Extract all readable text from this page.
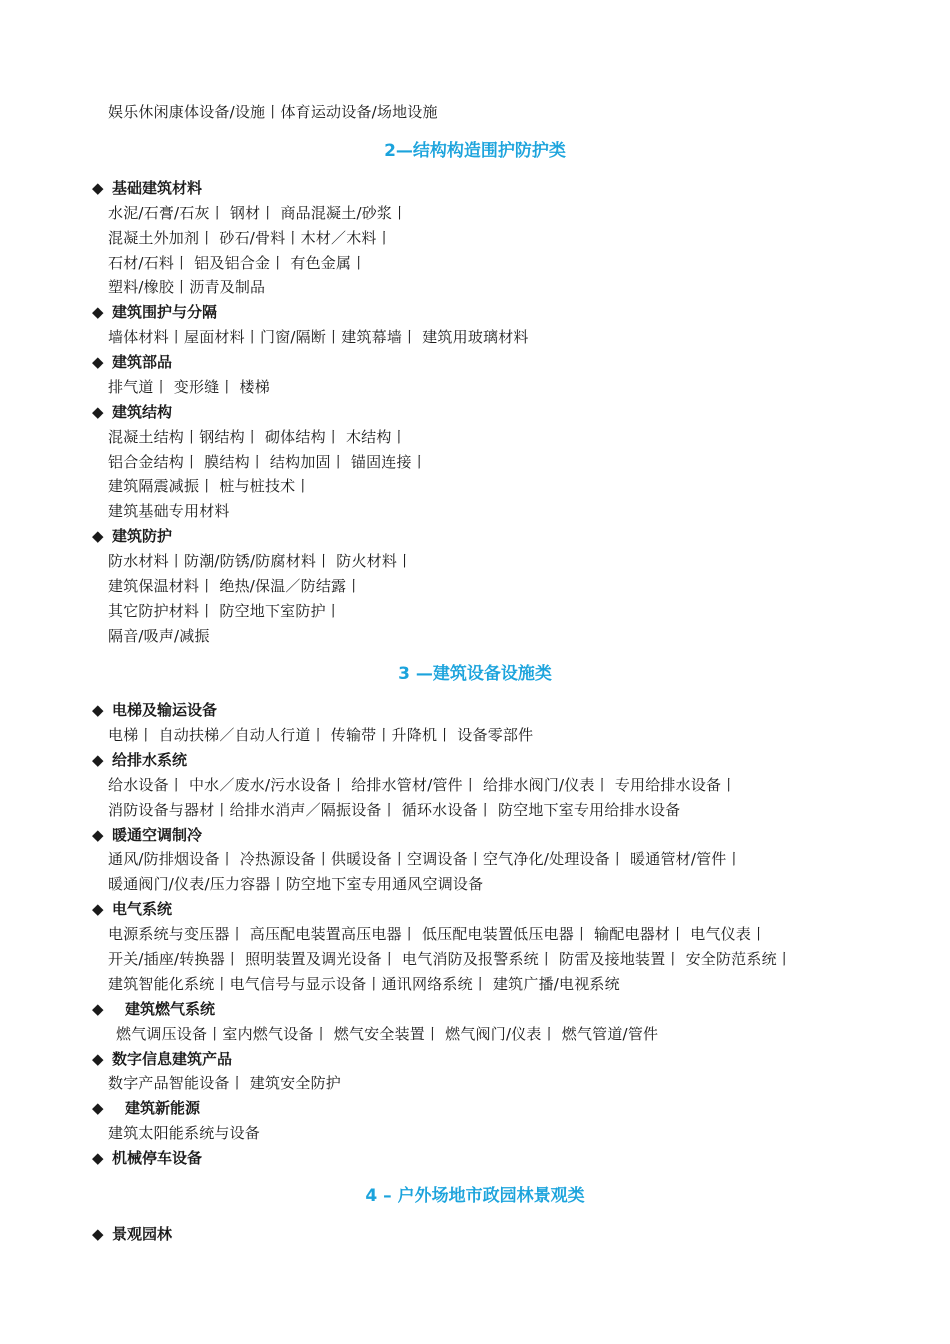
娱乐休闲康体设备/设施丨体育运动设备/场地设施
2—结构构造围护防护类
◆ 基础建筑材料
水泥/石膏/石灰丨 钢材丨 商品混凝土/砂浆丨
混凝土外加剂丨 砂石/骨料丨木材／木料丨
石材/石料丨 铝及铝合金丨 有色金属丨
塑料/橡胶丨沥青及制品
◆ 建筑围护与分隔
墙体材料丨屋面材料丨门窗/隔断丨建筑幕墙丨 建筑用玻璃材料
◆ 建筑部品
排气道丨 变形缝丨 楼梯
◆ 建筑结构
混凝土结构丨钢结构丨 砌体结构丨 木结构丨
铝合金结构丨 膜结构丨 结构加固丨 锚固连接丨
建筑隔震减振丨 桩与桩技术丨
建筑基础专用材料
◆ 建筑防护
防水材料丨防潮/防锈/防腐材料丨 防火材料丨
建筑保温材料丨 绝热/保温／防结露丨
其它防护材料丨 防空地下室防护丨
隔音/吸声/减振
3 —建筑设备设施类
◆ 电梯及输运设备
电梯丨 自动扶梯／自动人行道丨 传输带丨升降机丨 设备零部件
◆ 给排水系统
给水设备丨 中水／废水/污水设备丨 给排水管材/管件丨 给排水阀门/仪表丨 专用给排水设备丨
消防设备与器材丨给排水消声／隔振设备丨 循环水设备丨 防空地下室专用给排水设备
◆ 暖通空调制冷
通风/防排烟设备丨 冷热源设备丨供暖设备丨空调设备丨空气净化/处理设备丨 暖通管材/管件丨
暖通阀门/仪表/压力容器丨防空地下室专用通风空调设备
◆ 电气系统
电源系统与变压器丨 高压配电装置高压电器丨 低压配电装置低压电器丨 输配电器材丨 电气仪表丨
开关/插座/转换器丨 照明装置及调光设备丨 电气消防及报警系统丨 防雷及接地装置丨 安全防范系统丨
建筑智能化系统丨电气信号与显示设备丨通讯网络系统丨 建筑广播/电视系统
◆ 建筑燃气系统
燃气调压设备丨室内燃气设备丨 燃气安全装置丨 燃气阀门/仪表丨 燃气管道/管件
◆ 数字信息建筑产品
数字产品智能设备丨 建筑安全防护
◆ 建筑新能源
建筑太阳能系统与设备
◆ 机械停车设备
4 – 户外场地市政园林景观类
◆ 景观园林
